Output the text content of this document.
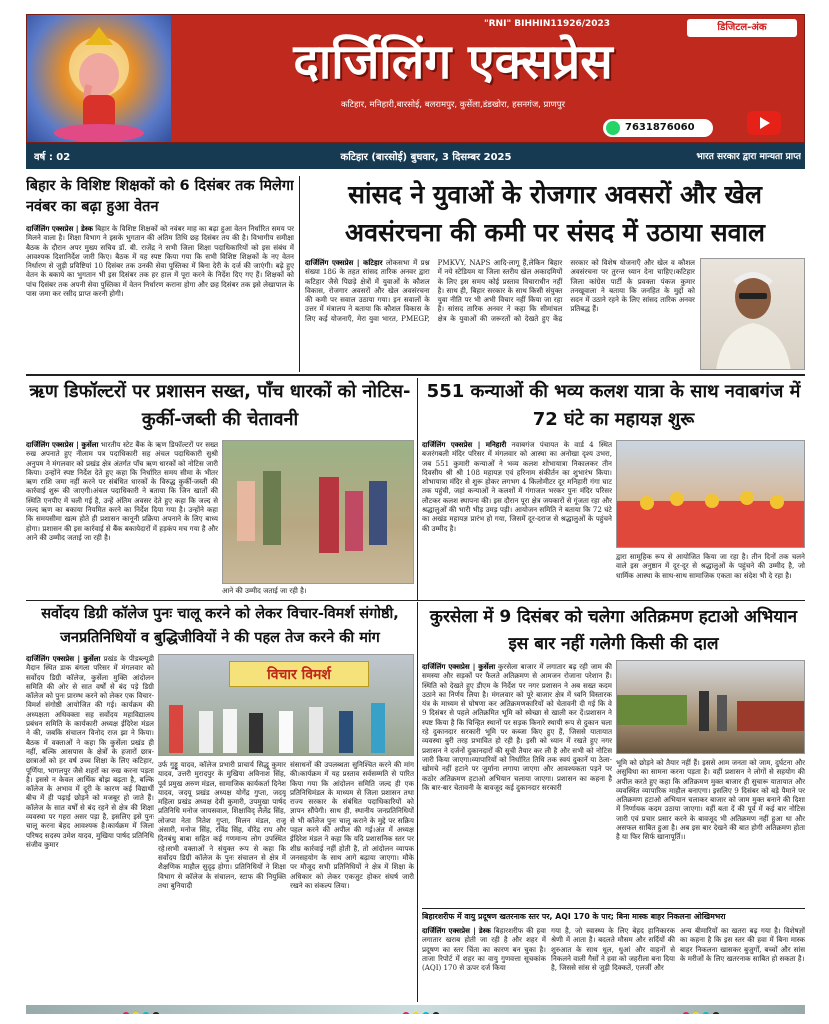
"RNI" BIHHIN11926/2023	डिजिटल-अंक
दार्जिलिंग एक्सप्रेस
कटिहार, मनिहारी,बारसोई, बलरामपुर, कुर्सेला,डंडखोरा, हसनगंज, प्राणपुर
7631876060
वर्ष : 02	कटिहार (बारसोई) बुधवार, 3 दिसम्बर 2025	भारत सरकार द्वारा मान्यता प्राप्त
बिहार के विशिष्ट शिक्षकों को 6 दिसंबर तक मिलेगा नवंबर का बढ़ा हुआ वेतन
दार्जिलिंग एक्सप्रेस | डेस्क बिहार के विशिष्ट शिक्षकों को नवंबर माह का बढ़ा हुआ वेतन निर्धारित समय पर मिलने वाला है। शिक्षा विभाग ने इसके भुगतान की अंतिम तिथि छह दिसंबर तय की है। विभागीय समीक्षा बैठक के दौरान अपर मुख्य सचिव डॉ. बी. राजेंद्र ने सभी जिला शिक्षा पदाधिकारियों को इस संबंध में आवश्यक दिशानिर्देश जारी किए। बैठक में यह स्पष्ट किया गया कि सभी विशिष्ट शिक्षकों के नए वेतन निर्धारण से जुड़ी प्रविष्टियां 10 दिसंबर तक उनकी सेवा पुस्तिका में बिना देरी के दर्ज की जाएंगी। बढ़े हुए वेतन के बकाये का भुगतान भी इस दिसंबर तक हर हाल में पूरा करने के निर्देश दिए गए हैं। शिक्षकों को पांच दिसंबर तक अपनी सेवा पुस्तिका में वेतन निर्धारण कराना होगा और छह दिसंबर तक इसे लेखापाल के पास जमा कर रसीद प्राप्त करनी होगी।
सांसद ने युवाओं के रोजगार अवसरों और खेल अवसंरचना की कमी पर संसद में उठाया सवाल
दार्जिलिंग एक्सप्रेस | कटिहार लोकसभा में प्रश्न संख्या 186 के तहत सांसद तारिक अनवर द्वारा कटिहार जैसे पिछड़े क्षेत्रों में युवाओं के कौशल विकास, रोजगार अवसरों और खेल अवसंरचना की कमी पर सवाल उठाया गया। इन सवालों के उत्तर में मंत्रालय ने बताया कि कौशल विकास के लिए कई योजनाएँ, मेरा युवा भारत, PMEGP, PMKVY, NAPS आदि-लागू हैं,लेकिन बिहार में नये स्टेडियम या जिला स्तरीय खेल अकादमियों के लिए इस समय कोई प्रस्ताव विचाराधीन नहीं है। साथ ही, बिहार सरकार के साथ किसी संयुक्त युवा नीति पर भी अभी विचार नहीं किया जा रहा है। सांसद तारिक अनवर ने कहा कि सीमांचल क्षेत्र के युवाओं की जरूरतों को देखते हुए केंद्र सरकार को विशेष योजनाएँ और खेल व कौशल अवसंरचना पर तुरन्त ध्यान देना चाहिए।कटिहार जिला कांग्रेस पार्टी के प्रवक्ता पंकज कुमार तनखूवाला ने बताया कि जनहित के मुद्दों को सदन में उठाने रहने के लिए सांसद तारिक अनवर प्रतिबद्ध हैं।
ऋण डिफॉल्टरों पर प्रशासन सख्त, पाँच धारकों को नोटिस-कुर्की-जब्ती की चेतावनी
दार्जिलिंग एक्सप्रेस | कुर्सेला भारतीय स्टेट बैंक के ऋण डिफॉल्टरों पर सख्त रुख अपनाते हुए नीलाम पत्र पदाधिकारी सह अंचल पदाधिकारी सुश्री अनुपम ने मंगलवार को प्रखंड क्षेत्र अंतर्गत पाँच ऋण धारकों को नोटिस जारी किया। उन्होंने स्पष्ट निर्देश देते हुए कहा कि निर्धारित समय सीमा के भीतर ऋण राशि जमा नहीं करने पर संबंधित धारकों के विरुद्ध कुर्की-जब्ती की कार्रवाई शुरू की जाएगी।अंचल पदाधिकारी ने बताया कि जिन खातों की स्थिति एनपीए में चली गई है, उन्हें अंतिम अवसर देते हुए कहा कि जल्द से जल्द ऋण का बकाया नियमित करने का निर्देश दिया गया है। उन्होंने कहा कि समयसीमा खत्म होते ही प्रशासन कानूनी प्रक्रिया अपनाने के लिए बाध्य होगा। प्रशासन की इस कार्रवाई से बैंक बकायेदारों में हड़कंप मच गया है और आने की उम्मीद जताई जा रही है।
आने की उम्मीद जताई जा रही है।
551 कन्याओं की भव्य कलश यात्रा के साथ नवाबगंज में 72 घंटे का महायज्ञ शुरू
दार्जिलिंग एक्सप्रेस | मनिहारी नवाबगंज पंचायत के वार्ड 4 स्थित बजरंगबली मंदिर परिसर में मंगलवार को आस्था का अनोखा दृश्य उभरा, जब 551 कुमारी कन्याओं ने भव्य कलश शोभायात्रा निकालकर तीन दिवसीय श्री श्री 108 महायज्ञ एवं हरिनाम संकीर्तन का शुभारंभ किया। शोभायात्रा मंदिर से शुरू होकर लगभग 4 किलोमीटर दूर मनिहारी गंगा घाट तक पहुंची, जहां कन्याओं ने कलशों में गंगाजल भरकर पुनः मंदिर परिसर लौटकर कलश स्थापना की। इस दौरान पूरा क्षेत्र जयकारों से गूंजता रहा और श्रद्धालुओं की भारी भीड़ उमड़ पड़ी। आयोजन समिति ने बताया कि 72 घंटे का अखंड महायज्ञ प्रारंभ हो गया, जिसमें दूर-दराज से श्रद्धालुओं के पहुंचने की उम्मीद है।
द्वारा सामूहिक रूप से आयोजित किया जा रहा है। तीन दिनों तक चलने वाले इस अनुष्ठान में दूर-दूर से श्रद्धालुओं के पहुंचने की उम्मीद है, जो धार्मिक आस्था के साथ-साथ सामाजिक एकता का संदेश भी दे रहा है।
सर्वोदय डिग्री कॉलेज पुनः चालू करने को लेकर विचार-विमर्श संगोष्ठी, जनप्रतिनिधियों व बुद्धिजीवियों ने की पहल तेज करने की मांग
दार्जिलिंग एक्सप्रेस | कुर्सेला प्रखंड के पीडब्ल्यूडी मैदान स्थित डाक बंगला परिसर में मंगलवार को सर्वोदय डिग्री कॉलेज, कुर्सेला मुक्ति आंदोलन समिति की ओर से सात वर्षों से बंद पड़े डिग्री कॉलेज को पुनः प्रारम्भ करने को लेकर एक विचार-विमर्श संगोष्ठी आयोजित की गई। कार्यक्रम की अध्यक्षता अधिवक्ता सह सर्वोदय महाविद्यालय प्रबंधन समिति के कार्यकारी अध्यक्ष ईदिरेश मंडल ने की, जबकि संचालन विनोद राज झा ने किया।बैठक में वक्ताओं ने कहा कि कुर्सेला प्रखंड ही नहीं, बल्कि आसपास के क्षेत्रों के हजारों छात्र-छात्राओं को हर वर्ष उच्च शिक्षा के लिए कटिहार, पूर्णिया, भागलपुर जैसे शहरों का रुख करना पड़ता है। इससे न केवल आर्थिक बोझ बढ़ता है, बल्कि कॉलेज के अभाव में दूरी के कारण कई विद्यार्थी बीच में ही पढ़ाई छोड़ने को मजबूर हो जाते हैं। कॉलेज के सात वर्षों से बंद रहने से क्षेत्र की शिक्षा व्यवस्था पर गहरा असर पड़ा है, इसलिए इसे पुनः चालू करना बेहद आवश्यक है।कार्यक्रम में जिला परिषद सदस्य उमेश यादव, मुखिया पार्षद प्रतिनिधि संजीव कुमार
विचार विमर्श
उर्फ गुड्डू यादव, कॉलेज प्रभारी प्राचार्य सिद्धू कुमार यादव, उत्तरी मुरादपुर के मुखिया अविनाश सिंह, पूर्व प्रमुख अरुण मंडल, सामाजिक कार्यकर्ता दिनेश यादव, जदयू प्रखंड अध्यक्ष योगेंद्र गुप्ता, जदयू महिला प्रखंड अध्यक्ष देवी कुमारी, उपमुखा पार्षद प्रतिनिधि मनोज जायसवाल, शिक्षाविद् लैलेंद्र सिंह, लोजपा नेता नितेश गुप्ता, मिलन मंडल, राजू अंसारी, मनोज सिंह, रविंद्र सिंह, वीरेंद्र राय और दिनबंधु बाबा सहित कई गणमान्य लोग उपस्थित रहे।सभी वक्ताओं ने संयुक्त रूप से कहा कि सर्वोदय डिग्री कॉलेज के पुनः संचालन से क्षेत्र में शैक्षणिक माहौल सुदृढ़ होगा। प्रतिनिधियों ने शिक्षा विभाग से कॉलेज के संचालन, स्टाफ की नियुक्ति तथा बुनियादी
संसाधनों की उपलब्धता सुनिश्चित करने की मांग की।कार्यक्रम में यह प्रस्ताव सर्वसम्मति से पारित किया गया कि आंदोलन समिति जल्द ही एक प्रतिनिधिमंडल के माध्यम से जिला प्रशासन तथा राज्य सरकार के संबंधित पदाधिकारियों को ज्ञापन सौंपेगी। साथ ही, स्थानीय जनप्रतिनिधियों से भी कॉलेज पुनः चालू कराने के मुद्दे पर सक्रिय पहल करने की अपील की गई।अंत में अध्यक्ष ईदिरेश मंडल ने कहा कि यदि प्रशासनिक स्तर पर शीघ्र कार्रवाई नहीं होती है, तो आंदोलन व्यापक जनसहयोग के साथ आगे बढ़ाया जाएगा। मौके पर मौजूद सभी प्रतिनिधियों ने क्षेत्र में शिक्षा के अधिकार को लेकर एकजुट होकर संघर्ष जारी रखने का संकल्प लिया।
कुरसेला में 9 दिसंबर को चलेगा अतिक्रमण हटाओ अभियान इस बार नहीं गलेगी किसी की दाल
दार्जिलिंग एक्सप्रेस | कुर्सेला कुरसेला बाजार में लगातार बढ़ रही जाम की समस्या और सड़कों पर फैलते अतिक्रमण से आमजन रोजाना परेशान हैं। स्थिति को देखते हुए डीएम के निर्देश पर नगर प्रशासन ने अब सख्त कदम उठाने का निर्णय लिया है। मंगलवार को पूरे बाजार क्षेत्र में ध्वनि विस्तारक यंत्र के माध्यम से घोषणा कर अतिक्रमणकारियों को चेतावनी दी गई कि वे 9 दिसंबर से पहले अतिक्रमित भूमि को स्वेच्छा से खाली कर दें।प्रशासन ने स्पष्ट किया है कि चिन्हित स्थानों पर सड़क किनारे स्थायी रूप से दुकान चला रहे दुकानदार सरकारी भूमि पर कब्जा किए हुए हैं, जिससे यातायात व्यवस्था बुरी तरह प्रभावित हो रही है। इसी को ध्यान में रखते हुए नगर प्रशासन ने दर्जनों दुकानदारों की सूची तैयार कर ली है और सभी को नोटिस जारी किया जाएगा।व्यापारियों को निर्धारित तिथि तक स्वयं दुकानें या ठेला-खोमचे नहीं हटाने पर जुर्माना लगाया जाएगा और आवश्यकता पड़ने पर कठोर अतिक्रमण हटाओ अभियान चलाया जाएगा। प्रशासन का कहना है कि बार-बार चेतावनी के बावजूद कई दुकानदार सरकारी
भूमि को छोड़ने को तैयार नहीं हैं। इससे आम जनता को जाम, दुर्घटना और असुविधा का सामना करना पड़ता है। वहीं प्रशासन ने लोगों से सहयोग की अपील करते हुए कहा कि अतिक्रमण मुक्त बाजार ही सुचारू यातायात और व्यवस्थित व्यापारिक माहौल बनाएगा। इसलिए 9 दिसंबर को बड़े पैमाने पर अतिक्रमण हटाओ अभियान चलाकर बाजार को जाम मुक्त बनाने की दिशा में निर्णायक कदम उठाया जाएगा। वहीं बता दें की पूर्व में कई बार नोटिस जारी एवं प्रचार प्रसार करने के बावजूद भी अतिक्रमण नहीं हुआ था और असफल साबित हुआ है। अब इस बार देखने की बात होगी अतिक्रमण होता है या फिर सिर्फ खानापूर्ति।।
बिहारशरीफ में वायु प्रदूषण खतरनाक स्तर पर, AQI 170 के पार; बिना मास्क बाहर निकलना ओखिमभरा
दार्जिलिंग एक्सप्रेस | डेस्क बिहारशरीफ की हवा लगातार खराब होती जा रही है और शहर में प्रदूषण का स्तर चिंता का कारण बन चुका है। ताजा रिपोर्ट में शहर का वायु गुणवत्ता सूचकांक (AQI) 170 से ऊपर दर्ज किया
गया है, जो स्वास्थ्य के लिए बेहद हानिकारक श्रेणी में आता है। बदलते मौसम और सर्दियों की शुरुआत के साथ धूल, धुआं और वाहनों से निकलने वाली गैसों ने हवा को जहरीला बना दिया है, जिससे सांस से जुड़ी दिक्कतें, एलर्जी और
अन्य बीमारियों का खतरा बढ़ गया है। विशेषज्ञों का कहना है कि इस स्तर की हवा में बिना मास्क बाहर निकलना खासकर बुजुर्गों, बच्चों और सांस के मरीजों के लिए खतरनाक साबित हो सकता है।
